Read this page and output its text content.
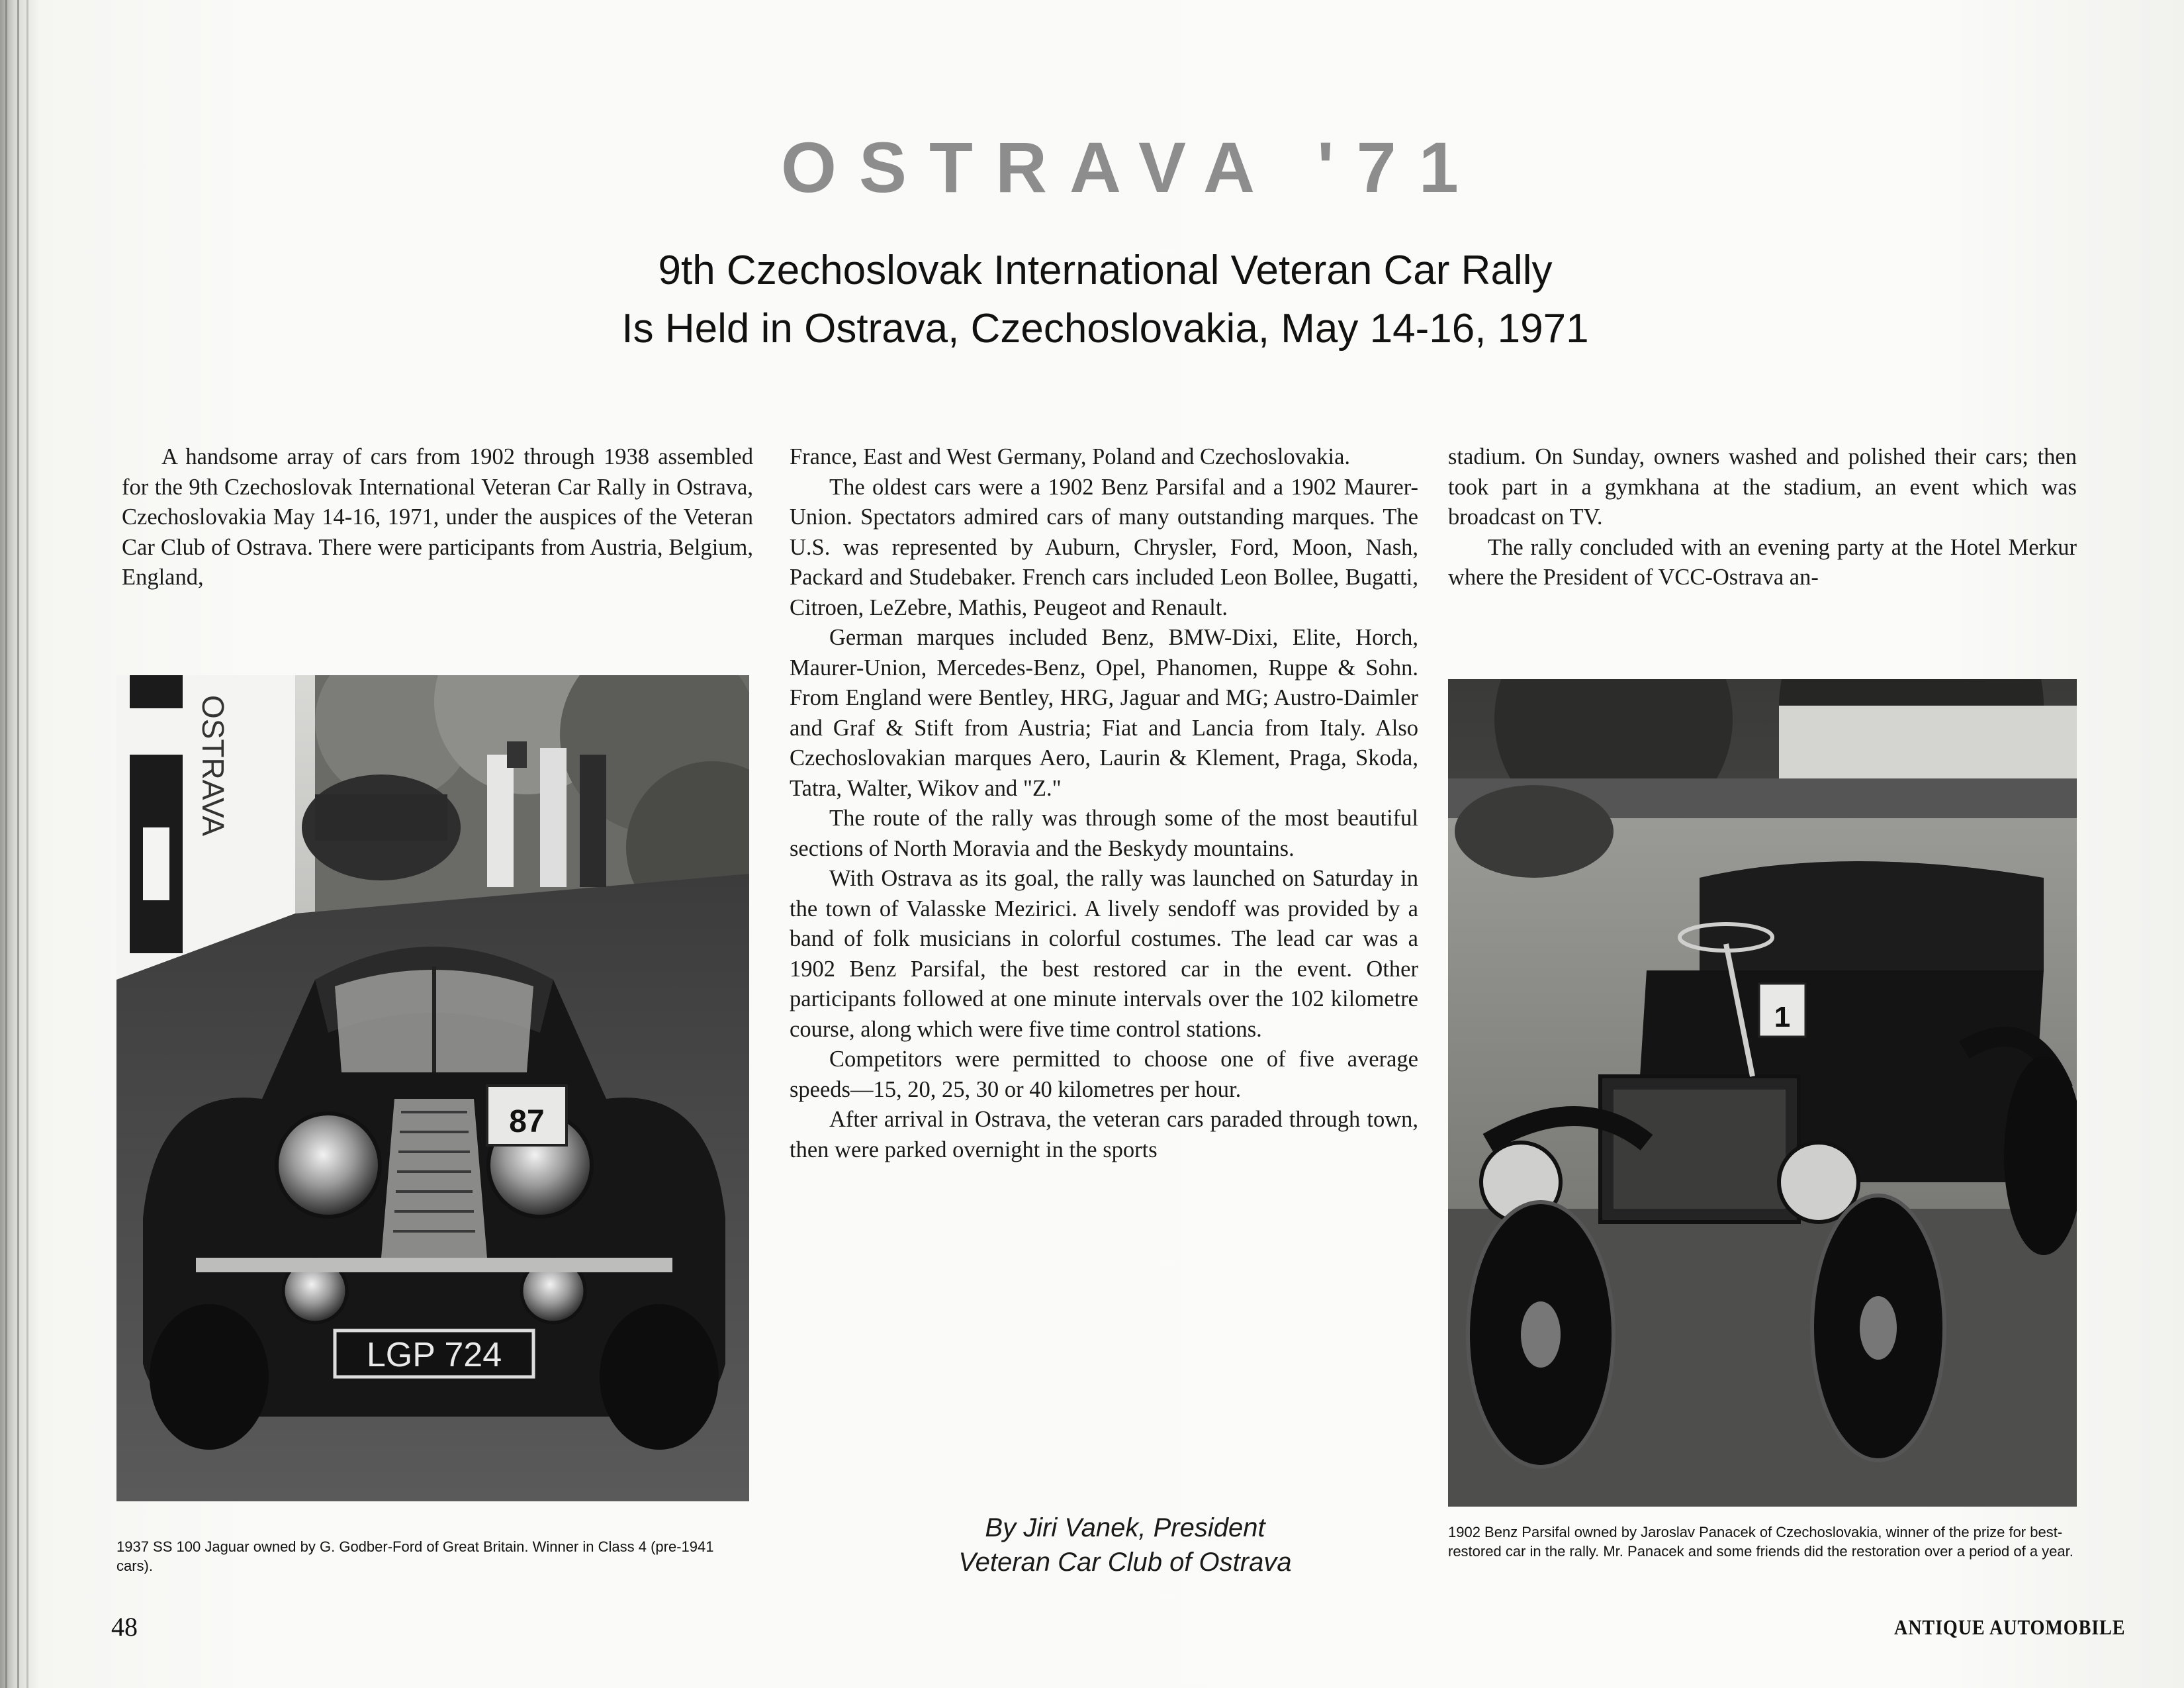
OSTRAVA '71
9th Czechoslovak International Veteran Car Rally
Is Held in Ostrava, Czechoslovakia, May 14-16, 1971

A handsome array of cars from 1902 through 1938 assembled for the 9th Czechoslovak International Veteran Car Rally in Ostrava, Czechoslovakia May 14-16, 1971, under the auspices of the Veteran Car Club of Ostrava. There were participants from Austria, Belgium, England,

France, East and West Germany, Poland and Czechoslovakia.

The oldest cars were a 1902 Benz Parsifal and a 1902 Maurer-Union. Spectators admired cars of many outstanding marques. The U.S. was represented by Auburn, Chrysler, Ford, Moon, Nash, Packard and Studebaker. French cars included Leon Bollee, Bugatti, Citroen, LeZebre, Mathis, Peugeot and Renault.

German marques included Benz, BMW-Dixi, Elite, Horch, Maurer-Union, Mercedes-Benz, Opel, Phanomen, Ruppe & Sohn. From England were Bentley, HRG, Jaguar and MG; Austro-Daimler and Graf & Stift from Austria; Fiat and Lancia from Italy. Also Czechoslovakian marques Aero, Laurin & Klement, Praga, Skoda, Tatra, Walter, Wikov and "Z."

The route of the rally was through some of the most beautiful sections of North Moravia and the Beskydy mountains.

With Ostrava as its goal, the rally was launched on Saturday in the town of Valasske Mezirici. A lively sendoff was provided by a band of folk musicians in colorful costumes. The lead car was a 1902 Benz Parsifal, the best restored car in the event. Other participants followed at one minute intervals over the 102 kilometre course, along which were five time control stations.

Competitors were permitted to choose one of five average speeds—15, 20, 25, 30 or 40 kilometres per hour.

After arrival in Ostrava, the veteran cars paraded through town, then were parked overnight in the sports

stadium. On Sunday, owners washed and polished their cars; then took part in a gymkhana at the stadium, an event which was broadcast on TV.

The rally concluded with an evening party at the Hotel Merkur where the President of VCC-Ostrava an-

OSTRAVA
87
LGP 724
1
1937 SS 100 Jaguar owned by G. Godber-Ford of Great Britain. Winner in Class 4 (pre-1941 cars).
1902 Benz Parsifal owned by Jaroslav Panacek of Czechoslovakia, winner of the prize for best-restored car in the rally. Mr. Panacek and some friends did the restoration over a period of a year.
By Jiri Vanek, President
Veteran Car Club of Ostrava
48	ANTIQUE AUTOMOBILE
